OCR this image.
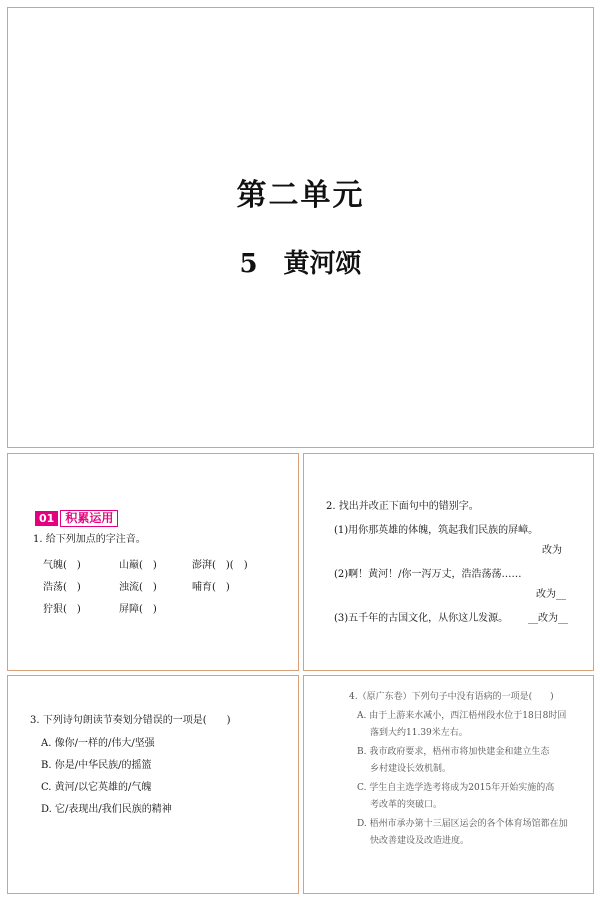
第二单元
5 黄河颂
01 积累运用
1. 给下列加点的字注音。
气魄(　)	山巅(　)	澎湃(　)(　)
浩荡(　)	浊流(　)	哺育(　)
狞狠(　)	屏障(　)
2. 找出并改正下面句中的错别字。
(1)用你那英雄的体魄，筑起我们民族的屏嶂。
改为
(2)啊！黄河！/你一泻万丈，浩浩荡荡……
改为__
(3)五千年的古国文化，从你这儿发源。 __改为__
3. 下列诗句朗读节奏划分错误的一项是(　　)
A. 像你/一样的/伟大/坚强
B. 你是/中华民族/的摇篮
C. 黄河/以它英雄的/气魄
D. 它/表现出/我们民族的精神
4.（原广东卷）下列句子中没有语病的一项是(　　)
A. 由于上游来水减小，西江梧州段水位于18日8时回
落到大约11.39米左右。
B. 我市政府要求，梧州市将加快建金和建立生态
乡村建设长效机制。
C. 学生自主选学选考将成为2015年开始实施的高
考改革的突破口。
D. 梧州市承办第十三届区运会的各个体育场馆都在加
快改善建设及改造进度。
